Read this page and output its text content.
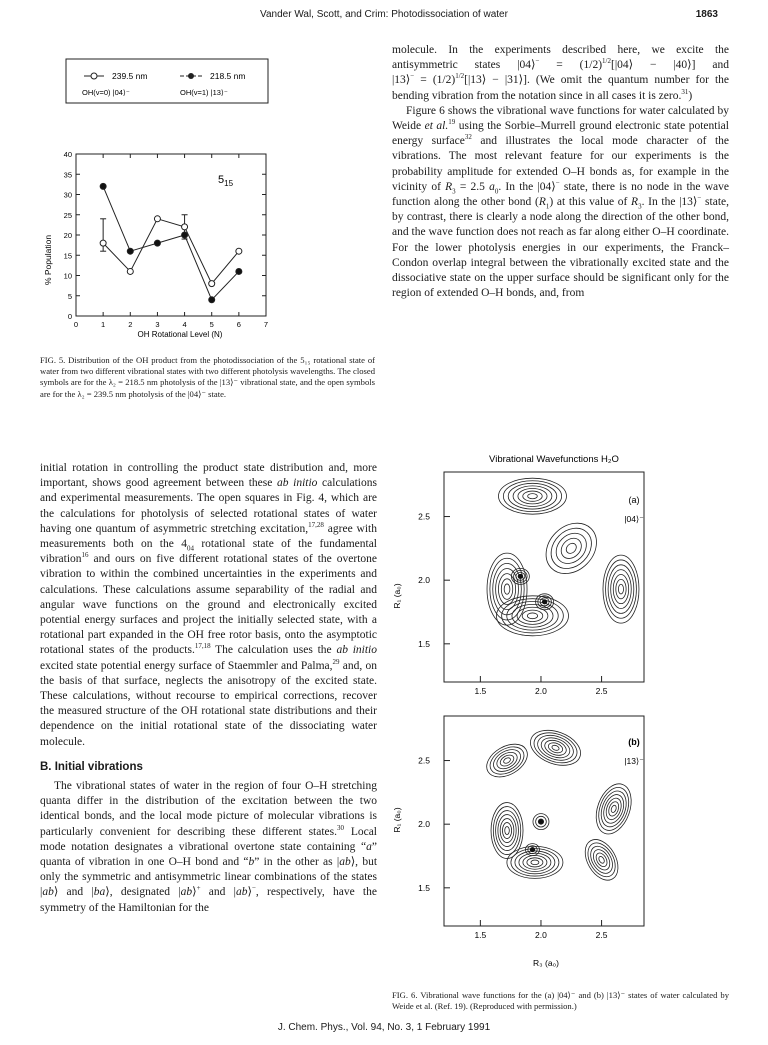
Vander Wal, Scott, and Crim: Photodissociation of water	1863
239.5 nm	218.5 nm
OH(v=0) |04⟩⁻	OH(v=1) |13⟩⁻
0
5
10
15
20
25
30
35
40
0	1	2	3	4	5	6	7
$5_{15}$
% Population
OH Rotational Level (N)
FIG. 5. Distribution of the OH product from the photodissociation of the 5₁₅ rotational state of water from two different vibrational states with two different photolysis wavelengths. The closed symbols are for the λ₂ = 218.5 nm photolysis of the |13⟩⁻ vibrational state, and the open symbols are for the λ₂ = 239.5 nm photolysis of the |04⟩⁻ state.

molecule. In the experiments described here, we excite the antisymmetric states |04⟩− = $(1/2)^{1/2}[|04⟩$ − |40⟩] and |13⟩− = $(1/2)^{1/2}[|13⟩$ − |31⟩]. (We omit the quantum number for the bending vibration from the notation since in all cases it is zero.$^{31}$)

Figure 6 shows the vibrational wave functions for water calculated by Weide et al.$^{19}$ using the Sorbie–Murrell ground electronic state potential energy surface$^{32}$ and illustrates the local mode character of the vibrations. The most relevant feature for our experiments is the probability amplitude for extended O–H bonds as, for example in the vicinity of $R_3 = 2.5$ $a_0$. In the |04⟩− state, there is no node in the wave function along the other bond $(R_1)$ at this value of $R_3$. In the |13⟩− state, by contrast, there is clearly a node along the direction of the other bond, and the wave function does not reach as far along either O–H coordinate. For the lower photolysis energies in our experiments, the Franck–Condon overlap integral between the vibrationally excited state and the dissociative state on the upper surface should be significant only for the region of extended O–H bonds, and, from

initial rotation in controlling the product state distribution and, more important, shows good agreement between these ab initio calculations and experimental measurements. The open squares in Fig. 4, which are the calculations for photolysis of selected rotational states of water having one quantum of asymmetric stretching excitation,$^{17,28}$ agree with measurements both on the $4_{04}$ rotational state of the fundamental vibration$^{16}$ and ours on five different rotational states of the overtone vibration to within the combined uncertainties in the experiments and calculations. These calculations assume separability of the radial and angular wave functions on the ground and electronically excited potential energy surfaces and project the initially selected state, with a rotational part expanded in the OH free rotor basis, onto the asymptotic rotational states of the products.$^{17,18}$ The calculation uses the ab initio excited state potential energy surface of Staemmler and Palma,$^{29}$ and, on the basis of that surface, neglects the anisotropy of the excited state. These calculations, without recourse to empirical corrections, recover the measured structure of the OH rotational state distributions and their dependence on the initial rotational state of the dissociating water molecule.

B. Initial vibrations

The vibrational states of water in the region of four O–H stretching quanta differ in the distribution of the excitation between the two identical bonds, and the local mode picture of molecular vibrations is particularly convenient for describing these different states.$^{30}$ Local mode notation designates a vibrational overtone state containing “a” quanta of vibration in one O–H bond and “b” in the other as |ab⟩, but only the symmetric and antisymmetric linear combinations of the states |ab⟩ and |ba⟩, designated |ab⟩+ and |ab⟩−, respectively, have the symmetry of the Hamiltonian for the

Vibrational Wavefunctions H₂O
2.5
2.0
1.5
1.5	2.0	2.5
2.5
2.0
1.5
1.5	2.0	2.5
(a)
|04⟩⁻
(b)
|13⟩⁻
R₁ (a₀)
R₁ (a₀)
R₃ (a₀)
FIG. 6. Vibrational wave functions for the (a) |04⟩⁻ and (b) |13⟩⁻ states of water calculated by Weide et al. (Ref. 19). (Reproduced with permission.)
J. Chem. Phys., Vol. 94, No. 3, 1 February 1991
